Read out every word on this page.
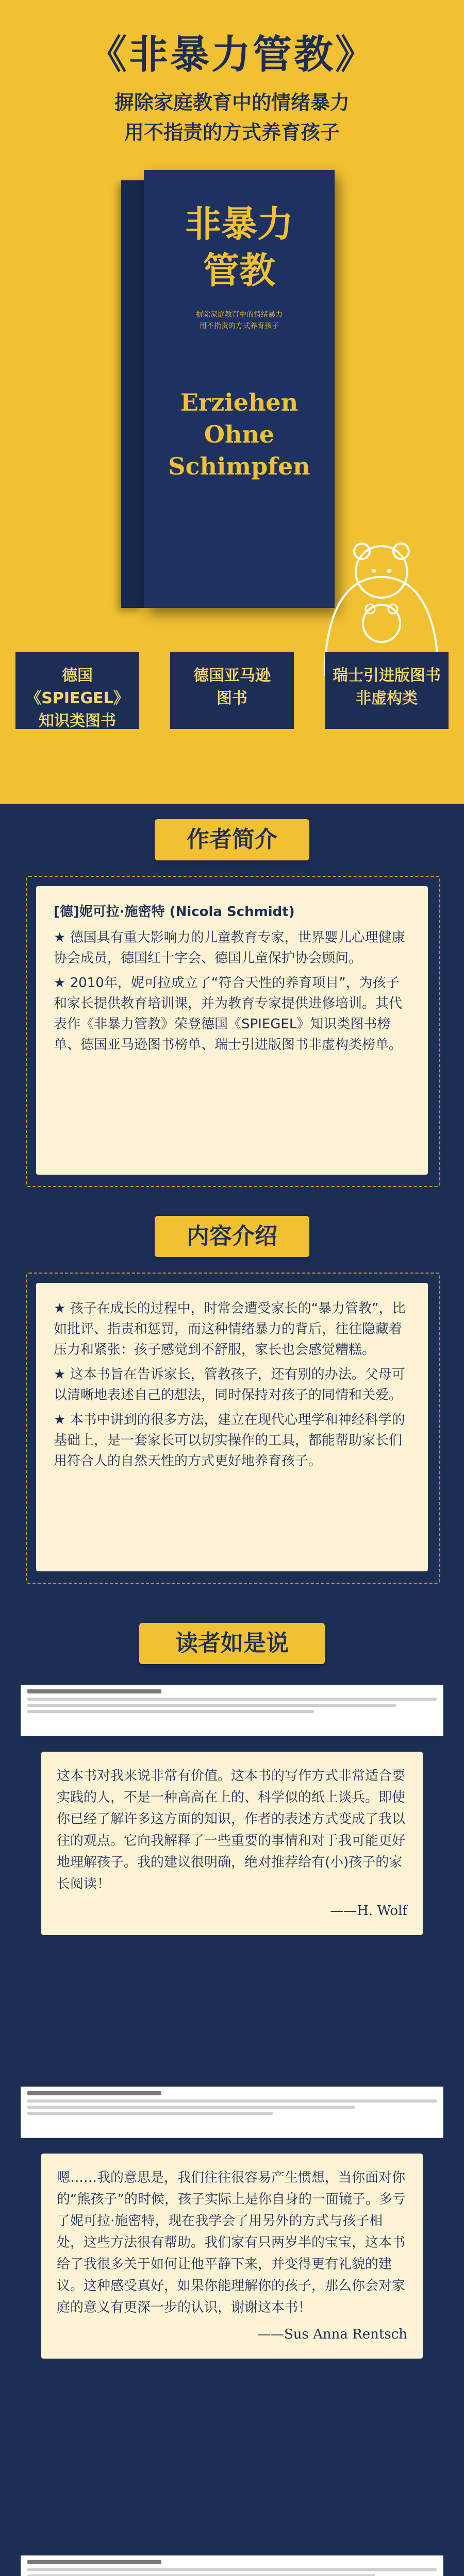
《非暴力管教》
摒除家庭教育中的情绪暴力
用不指责的方式养育孩子
非暴力
管教
摒除家庭教育中的情绪暴力
用不指责的方式养育孩子
Erziehen
Ohne
Schimpfen
德国《SPIEGEL》
知识类图书
德国亚马逊
图书
瑞士引进版图书
非虚构类
作者简介

[德]妮可拉·施密特 (Nicola Schmidt)

★ 德国具有重大影响力的儿童教育专家，世界婴儿心理健康协会成员，德国红十字会、德国儿童保护协会顾问。

★ 2010年，妮可拉成立了“符合天性的养育项目”，为孩子和家长提供教育培训课，并为教育专家提供进修培训。其代表作《非暴力管教》荣登德国《SPIEGEL》知识类图书榜单、德国亚马逊图书榜单、瑞士引进版图书非虚构类榜单。

内容介绍

★ 孩子在成长的过程中，时常会遭受家长的“暴力管教”，比如批评、指责和惩罚，而这种情绪暴力的背后，往往隐藏着压力和紧张：孩子感觉到不舒服，家长也会感觉糟糕。

★ 这本书旨在告诉家长，管教孩子，还有别的办法。父母可以清晰地表述自己的想法，同时保持对孩子的同情和关爱。

★ 本书中讲到的很多方法，建立在现代心理学和神经科学的基础上，是一套家长可以切实操作的工具，都能帮助家长们用符合人的自然天性的方式更好地养育孩子。

读者如是说
这本书对我来说非常有价值。这本书的写作方式非常适合要实践的人，不是一种高高在上的、科学似的纸上谈兵。即使你已经了解许多这方面的知识，作者的表述方式变成了我以往的观点。它向我解释了一些重要的事情和对于我可能更好地理解孩子。我的建议很明确，绝对推荐给有(小)孩子的家长阅读！
——H. Wolf
嗯……我的意思是，我们往往很容易产生惯想，当你面对你的“熊孩子”的时候，孩子实际上是你自身的一面镜子。多亏了妮可拉·施密特，现在我学会了用另外的方式与孩子相处，这些方法很有帮助。我们家有只两岁半的宝宝，这本书给了我很多关于如何让他平静下来，并变得更有礼貌的建议。这种感受真好，如果你能理解你的孩子，那么你会对家庭的意义有更深一步的认识，谢谢这本书！
——Sus Anna Rentsch
